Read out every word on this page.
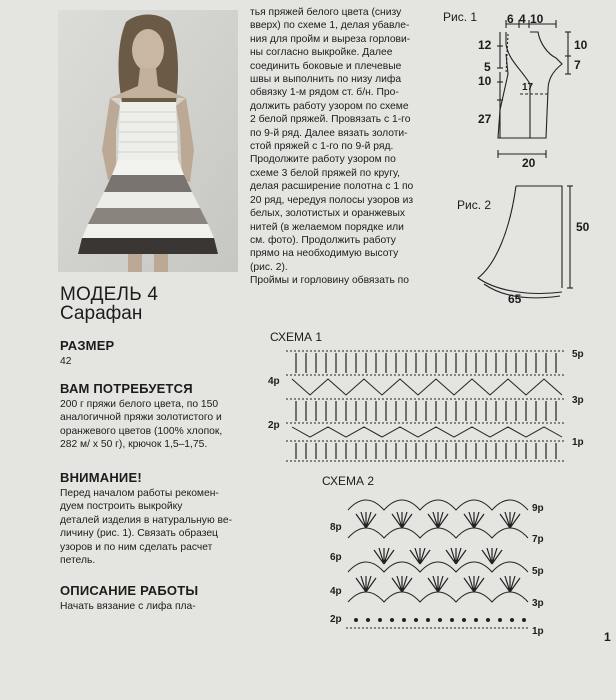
МОДЕЛЬ 4
Сарафан
РАЗМЕР
42
ВАМ ПОТРЕБУЕТСЯ
200 г пряжи белого цвета, по 150
аналогичной пряжи золотистого и
оранжевого цветов (100% хлопок,
282 м/ x 50 г), крючок 1,5–1,75.
ВНИМАНИЕ!
Перед началом работы рекомен-
дуем построить выкройку
деталей изделия в натуральную ве-
личину (рис. 1). Связать образец
узоров и по ним сделать расчет
петель.
ОПИСАНИЕ РАБОТЫ
Начать вязание с лифа пла-

тья пряжей белого цвета (снизу

вверх) по схеме 1, делая убавле-

ния для пройм и выреза горлови-

ны согласно выкройке. Далее

соединить боковые и плечевые

швы и выполнить по низу лифа

обвязку 1-м рядом ст. б/н. Про-

должить работу узором по схеме

2 белой пряжей. Провязать с 1-го

по 9-й ряд. Далее вязать золоти-

стой пряжей с 1-го по 9-й ряд.

Продолжите работу узором по

схеме 3 белой пряжей по кругу,

делая расширение полотна с 1 по

20 ряд, чередуя полосы узоров из

белых, золотистых и оранжевых

нитей (в желаемом порядке или

см. фото). Продолжить работу

прямо на необходимую высоту

(рис. 2).

Проймы и горловину обвязать по

Рис. 1 6 4 10
12	10
5	7
10	17
27
20
Рис. 2
50
65
СХЕМА 1
5р
3р
1р
4р
2р
СХЕМА 2
9р
7р
5р
3р
1р
8р
6р
4р
2р
1
